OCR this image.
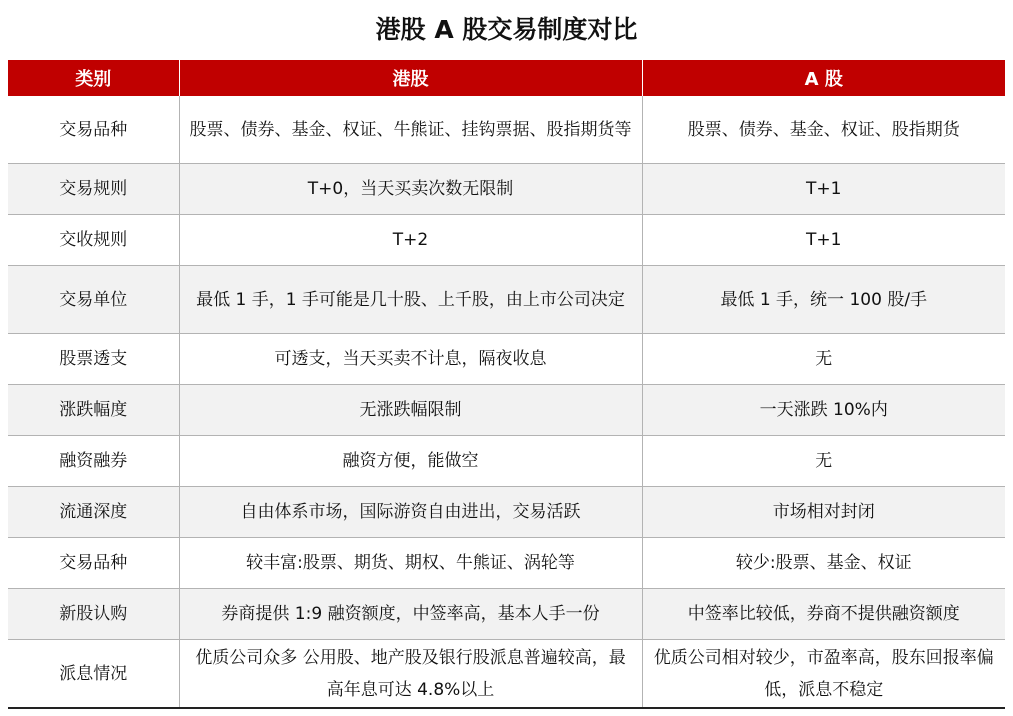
港股 A 股交易制度对比
类别	港股	A 股
交易品种	股票、债券、基金、权证、牛熊证、挂钩票据、股指期货等	股票、债券、基金、权证、股指期货
交易规则	T+0，当天买卖次数无限制	T+1
交收规则	T+2	T+1
交易单位	最低 1 手，1 手可能是几十股、上千股，由上市公司决定	最低 1 手，统一 100 股/手
股票透支	可透支，当天买卖不计息，隔夜收息	无
涨跌幅度	无涨跌幅限制	一天涨跌 10%内
融资融券	融资方便，能做空	无
流通深度	自由体系市场，国际游资自由进出，交易活跃	市场相对封闭
交易品种	较丰富:股票、期货、期权、牛熊证、涡轮等	较少:股票、基金、权证
新股认购	券商提供 1:9 融资额度，中签率高，基本人手一份	中签率比较低，券商不提供融资额度
派息情况	优质公司众多 公用股、地产股及银行股派息普遍较高，最高年息可达 4.8%以上	优质公司相对较少，市盈率高，股东回报率偏低，派息不稳定
